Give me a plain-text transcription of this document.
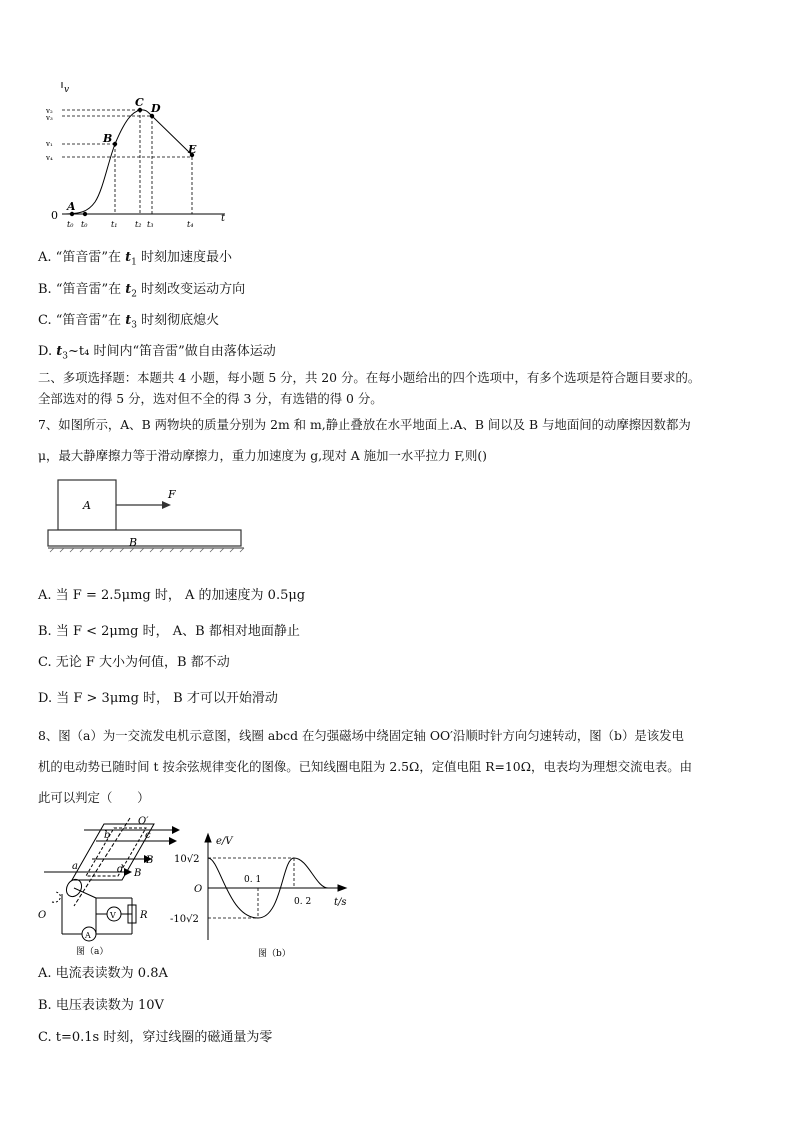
v
t
0
A
B
C D
E
v₂
v₃
v₁
v₄
t₀ t₀	t₁ t₂ t₃	t₄
A. “笛音雷”在 $t_1$ 时刻加速度最小
B. “笛音雷”在 $t_2$ 时刻改变运动方向
C. “笛音雷”在 $t_3$ 时刻彻底熄火
D. $t_3\sim t_4$ 时间内“笛音雷”做自由落体运动
二、多项选择题：本题共 4 小题，每小题 5 分，共 20 分。在每小题给出的四个选项中，有多个选项是符合题目要求的。
全部选对的得 5 分，选对但不全的得 3 分，有选错的得 0 分。
7、如图所示，A、B 两物块的质量分别为 2m 和 m,静止叠放在水平地面上.A、B 间以及 B 与地面间的动摩擦因数都为
μ，最大静摩擦力等于滑动摩擦力，重力加速度为 g,现对 A 施加一水平拉力 F,则()
A
B
F
A. 当 F = 2.5μmg 时， A 的加速度为 0.5μg
B. 当 F < 2μmg 时， A、B 都相对地面静止
C. 无论 F 大小为何值，B 都不动
D. 当 F > 3μmg 时， B 才可以开始滑动
8、图（a）为一交流发电机示意图，线圈 abcd 在匀强磁场中绕固定轴 OO′沿顺时针方向匀速转动，图（b）是该发电
机的电动势已随时间 t 按余弦规律变化的图像。已知线圈电阻为 2.5Ω，定值电阻 R=10Ω，电表均为理想交流电表。由
此可以判定（　　）
O′
b	c
B
a	d B
O	V
A
R
图（a）
e/V
t/s
10√2
-10√2
O
0. 1
0. 2
图（b）
A. 电流表读数为 0.8A
B. 电压表读数为 10V
C. t=0.1s 时刻，穿过线圈的磁通量为零
